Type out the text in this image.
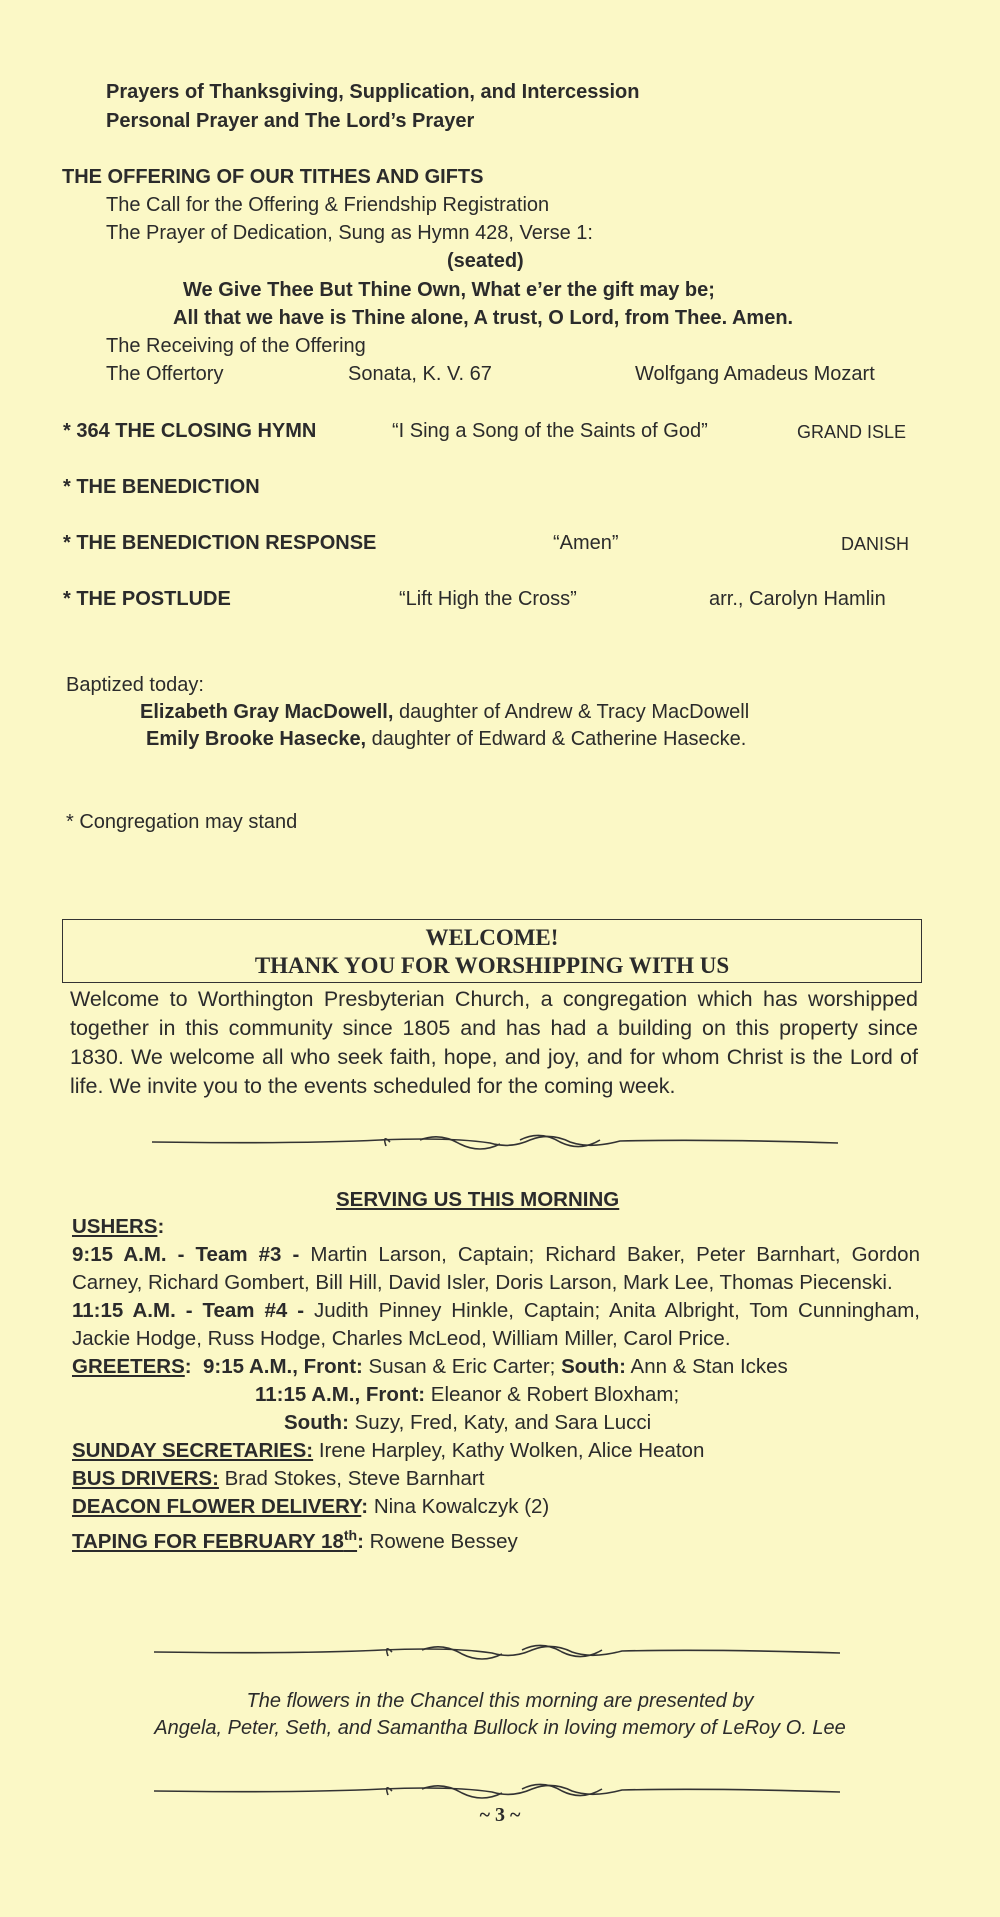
Prayers of Thanksgiving, Supplication, and Intercession
Personal Prayer and The Lord’s Prayer
THE OFFERING OF OUR TITHES AND GIFTS
The Call for the Offering & Friendship Registration
The Prayer of Dedication, Sung as Hymn 428, Verse 1:
(seated)
We Give Thee But Thine Own, What e’er the gift may be;
All that we have is Thine alone, A trust, O Lord, from Thee. Amen.
The Receiving of the Offering
The Offertory	Sonata, K. V. 67	Wolfgang Amadeus Mozart
* 364 THE CLOSING HYMN	“I Sing a Song of the Saints of God”	GRAND ISLE
* THE BENEDICTION
* THE BENEDICTION RESPONSE	“Amen”	DANISH
* THE POSTLUDE	“Lift High the Cross”	arr., Carolyn Hamlin
Baptized today:
Elizabeth Gray MacDowell, daughter of Andrew & Tracy MacDowell
Emily Brooke Hasecke, daughter of Edward & Catherine Hasecke.
* Congregation may stand
WELCOME!
THANK YOU FOR WORSHIPPING WITH US
Welcome to Worthington Presbyterian Church, a congregation which has worshipped together in this community since 1805 and has had a building on this property since 1830. We welcome all who seek faith, hope, and joy, and for whom Christ is the Lord of life. We invite you to the events scheduled for the coming week.
SERVING US THIS MORNING
USHERS:
9:15 A.M. - Team #3 - Martin Larson, Captain; Richard Baker, Peter Barnhart, Gordon Carney, Richard Gombert, Bill Hill, David Isler, Doris Larson, Mark Lee, Thomas Piecenski.
11:15 A.M. - Team #4 - Judith Pinney Hinkle, Captain; Anita Albright, Tom Cunningham, Jackie Hodge, Russ Hodge, Charles McLeod, William Miller, Carol Price.
GREETERS: 9:15 A.M., Front: Susan & Eric Carter; South: Ann & Stan Ickes
11:15 A.M., Front: Eleanor & Robert Bloxham;
South: Suzy, Fred, Katy, and Sara Lucci
SUNDAY SECRETARIES: Irene Harpley, Kathy Wolken, Alice Heaton
BUS DRIVERS: Brad Stokes, Steve Barnhart
DEACON FLOWER DELIVERY: Nina Kowalczyk (2)
TAPING FOR FEBRUARY 18th: Rowene Bessey
The flowers in the Chancel this morning are presented by
Angela, Peter, Seth, and Samantha Bullock in loving memory of LeRoy O. Lee
~ 3 ~
